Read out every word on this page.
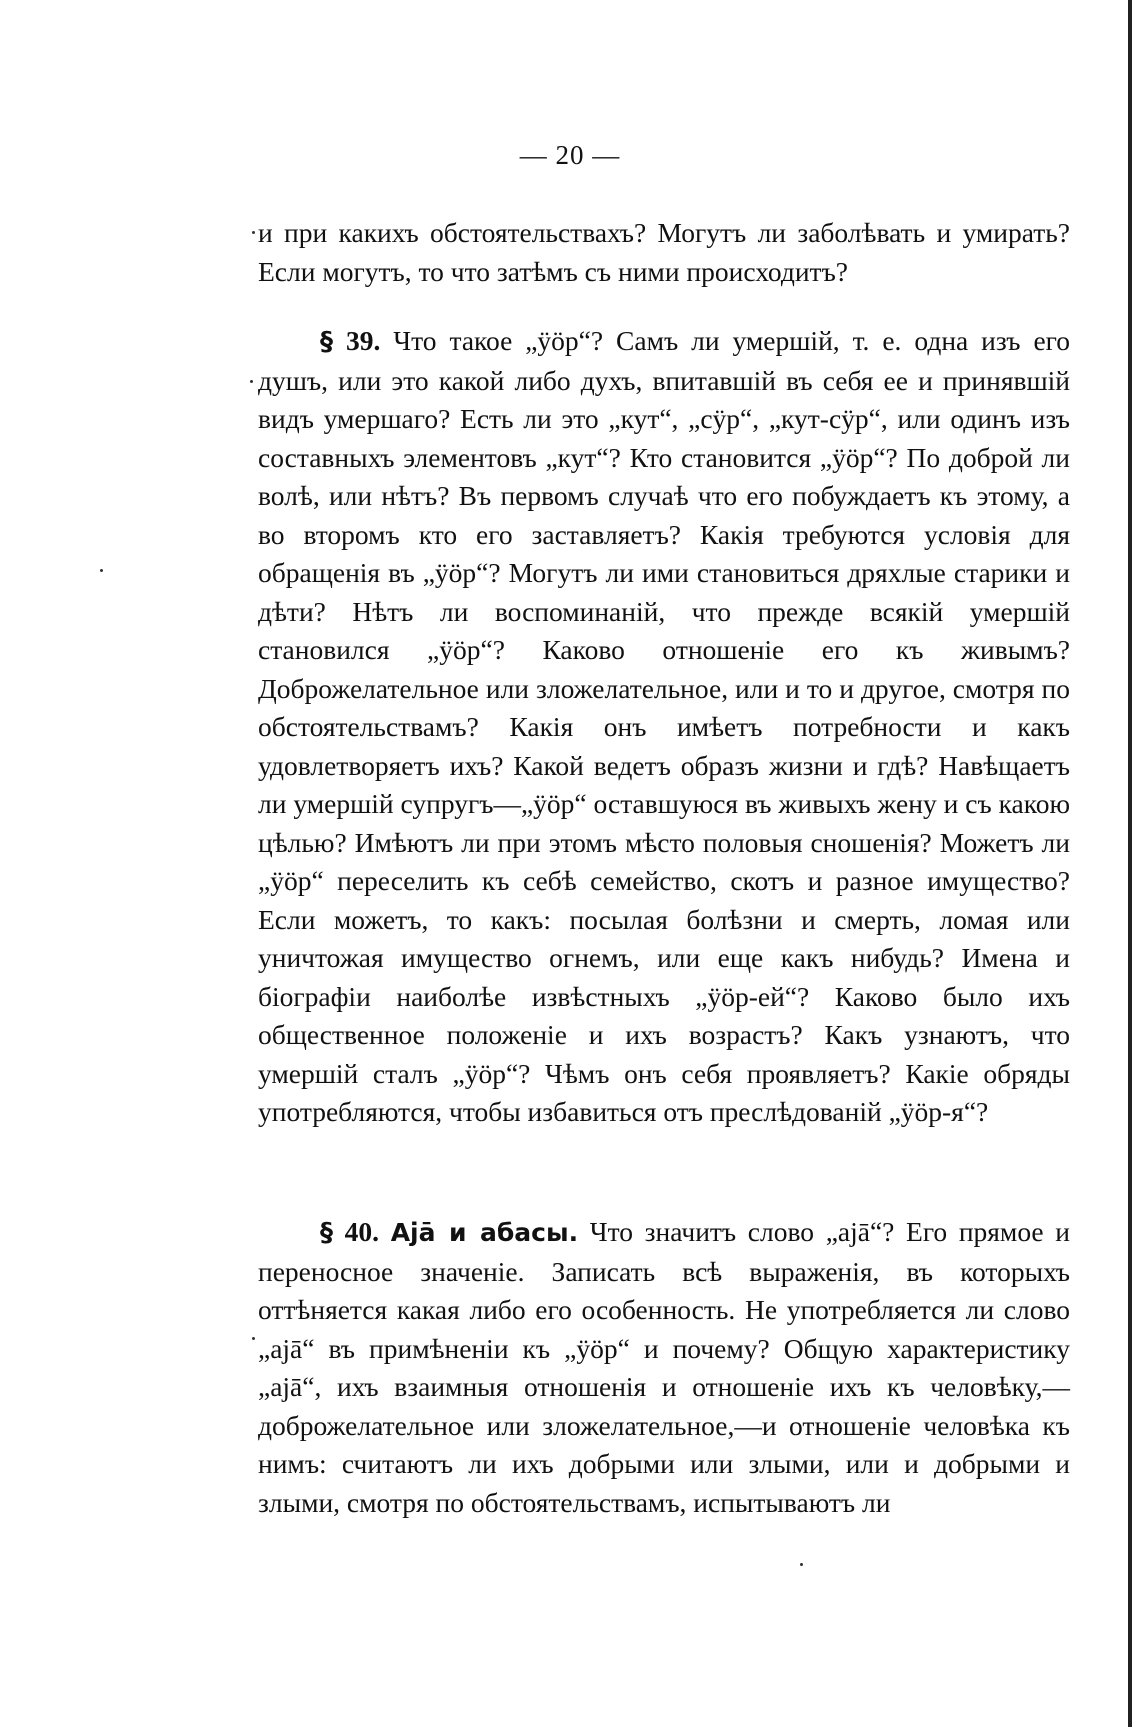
— 20 —

и при какихъ обстоятельствахъ? Могутъ ли заболѣвать и умирать? Если могутъ, то что затѣмъ съ ними происходитъ?

§ 39. Что такое „ӱӧр“? Самъ ли умершій, т. е. одна изъ его душъ, или это какой либо духъ, впитавшій въ себя ее и принявшій видъ умершаго? Есть ли это „кут“, „сӱр“, „кут-сӱр“, или одинъ изъ составныхъ элементовъ „кут“? Кто становится „ӱӧр“? По доброй ли волѣ, или нѣтъ? Въ первомъ случаѣ что его побуждаетъ къ этому, а во второмъ кто его заставляетъ? Какія требуются условія для обращенія въ „ӱӧр“? Могутъ ли ими становиться дряхлые старики и дѣти? Нѣтъ ли воспоминаній, что прежде всякій умершій становился „ӱӧр“? Каково отношеніе его къ живымъ? Доброжелательное или зложелательное, или и то и другое, смотря по обстоятельствамъ? Какія онъ имѣетъ потребности и какъ удовлетворяетъ ихъ? Какой ведетъ образъ жизни и гдѣ? Навѣщаетъ ли умершій супругъ—„ӱӧр“ оставшуюся въ живыхъ жену и съ какою цѣлью? Имѣютъ ли при этомъ мѣсто половыя сношенія? Можетъ ли „ӱӧр“ переселить къ себѣ семейство, скотъ и разное имущество? Если можетъ, то какъ: посылая болѣзни и смерть, ломая или уничтожая имущество огнемъ, или еще какъ нибудь? Имена и біографіи наиболѣе извѣстныхъ „ӱӧр-ей“? Каково было ихъ общественное положеніе и ихъ возрастъ? Какъ узнаютъ, что умершій сталъ „ӱӧр“? Чѣмъ онъ себя проявляетъ? Какіе обряды употребляются, чтобы избавиться отъ преслѣдованій „ӱӧр-я“?

§ 40. Ајā и абасы. Что значитъ слово „ајā“? Его прямое и переносное значеніе. Записать всѣ выраженія, въ которыхъ оттѣняется какая либо его особенность. Не употребляется ли слово „ајā“ въ примѣненіи къ „ӱӧр“ и почему? Общую характеристику „ајā“, ихъ взаимныя отношенія и отношеніе ихъ къ человѣку,—доброжелательное или зложелательное,—и отношеніе человѣка къ нимъ: считаютъ ли ихъ добрыми или злыми, или и добрыми и злыми, смотря по обстоятельствамъ, испытываютъ ли
